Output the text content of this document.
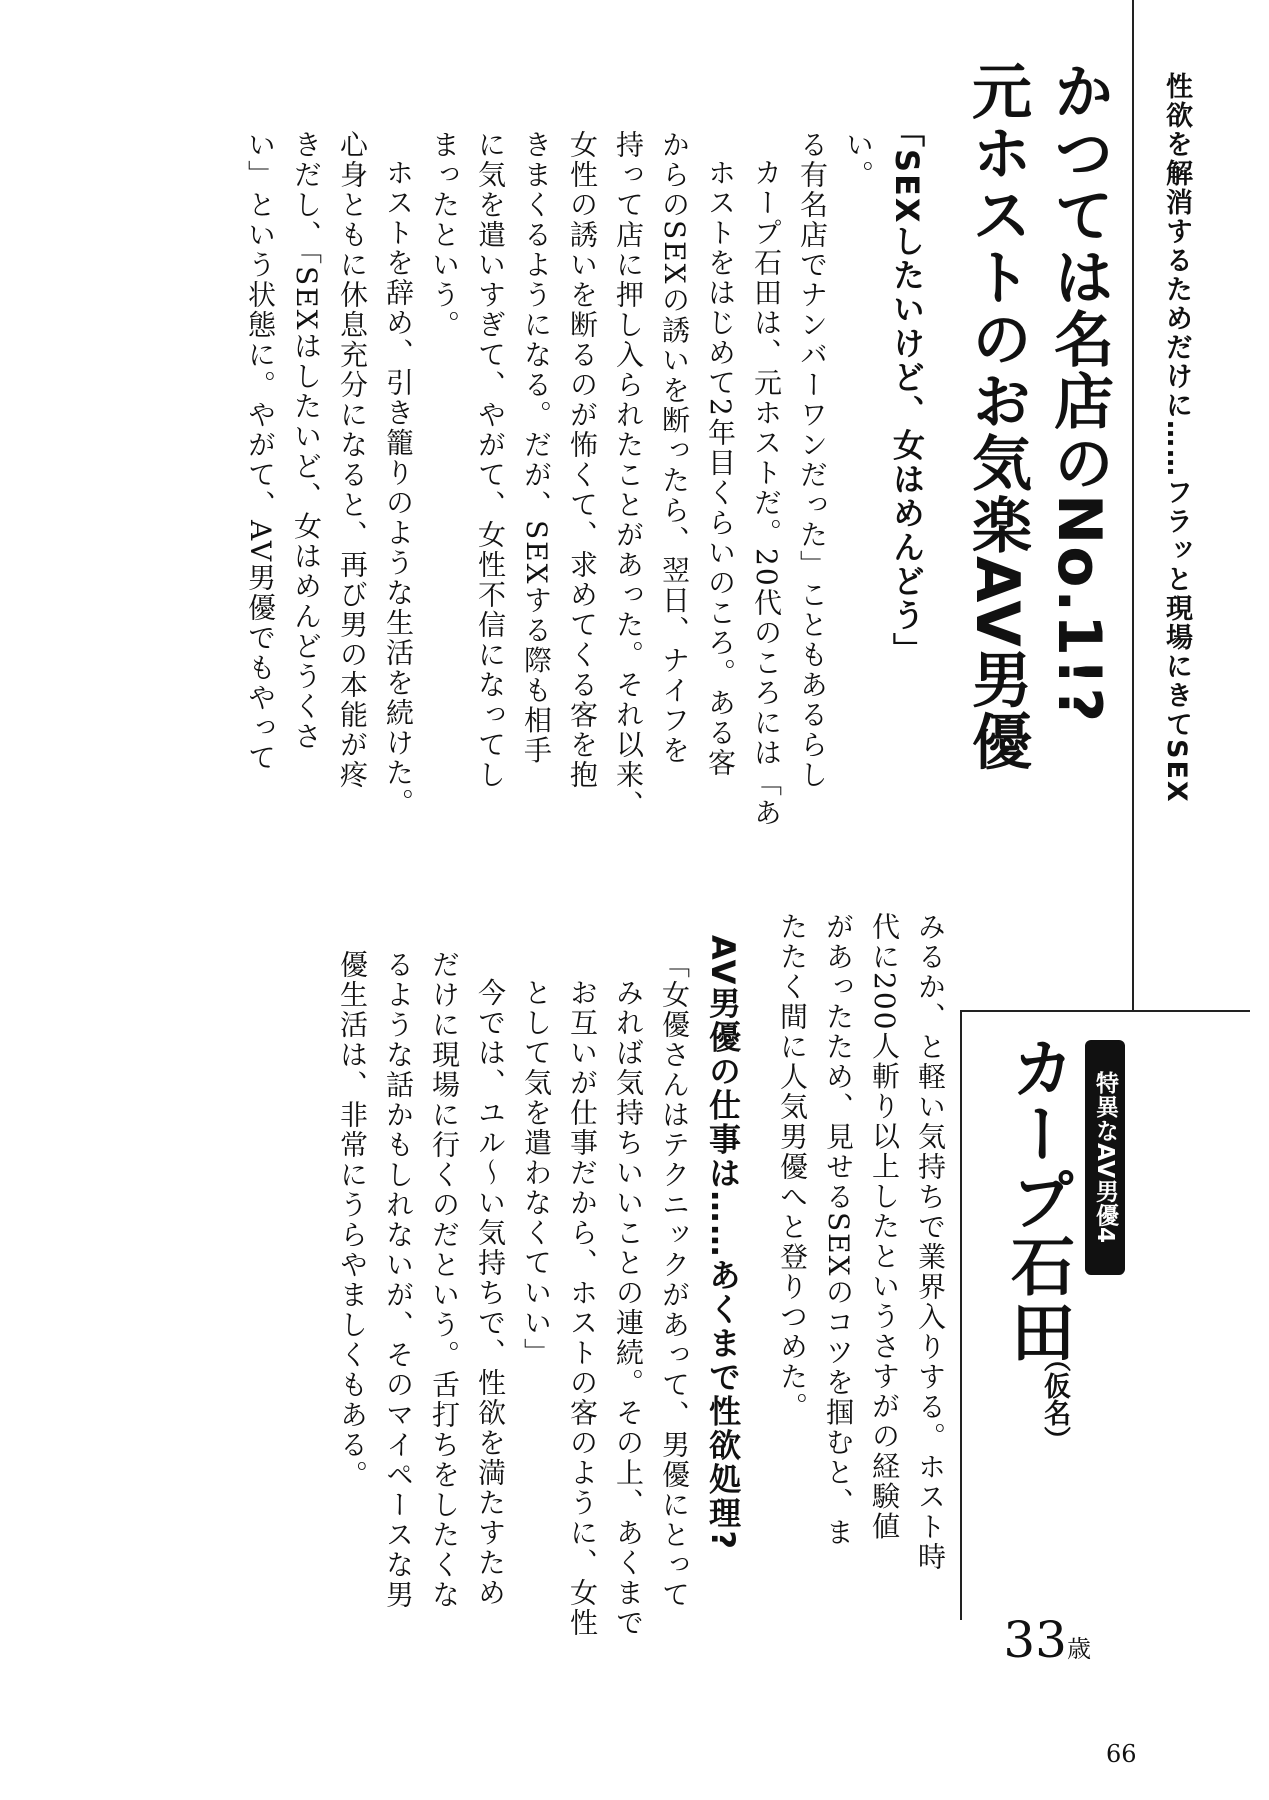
性欲を解消するためだけに……フラッと現場にきてSEX
かつては名店のNo.1!?
元ホストのお気楽AV男優
特異なAV男優4
カープ石田
（仮名）
33歳
「SEXしたいけど、女はめんどう」
い。
る有名店でナンバーワンだった」こともあるらし
カープ石田は、元ホストだ。20代のころには「あ
ホストをはじめて2年目くらいのころ。ある客
からのSEXの誘いを断ったら、翌日、ナイフを
持って店に押し入られたことがあった。それ以来、
女性の誘いを断るのが怖くて、求めてくる客を抱
きまくるようになる。だが、SEXする際も相手
に気を遣いすぎて、やがて、女性不信になってし
まったという。
ホストを辞め、引き籠りのような生活を続けた。
心身ともに休息充分になると、再び男の本能が疼
きだし、「SEXはしたいど、女はめんどうくさ
い」という状態に。やがて、AV男優でもやって
みるか、と軽い気持ちで業界入りする。ホスト時
代に200人斬り以上したというさすがの経験値
があったため、見せるSEXのコツを掴むと、ま
たたく間に人気男優へと登りつめた。
AV男優の仕事は……あくまで性欲処理?
「女優さんはテクニックがあって、男優にとって
みれば気持ちいいことの連続。その上、あくまで
お互いが仕事だから、ホストの客のように、女性
として気を遣わなくていい」
今では、ユル～い気持ちで、性欲を満たすため
だけに現場に行くのだという。舌打ちをしたくな
るような話かもしれないが、そのマイペースな男
優生活は、非常にうらやましくもある。
66
